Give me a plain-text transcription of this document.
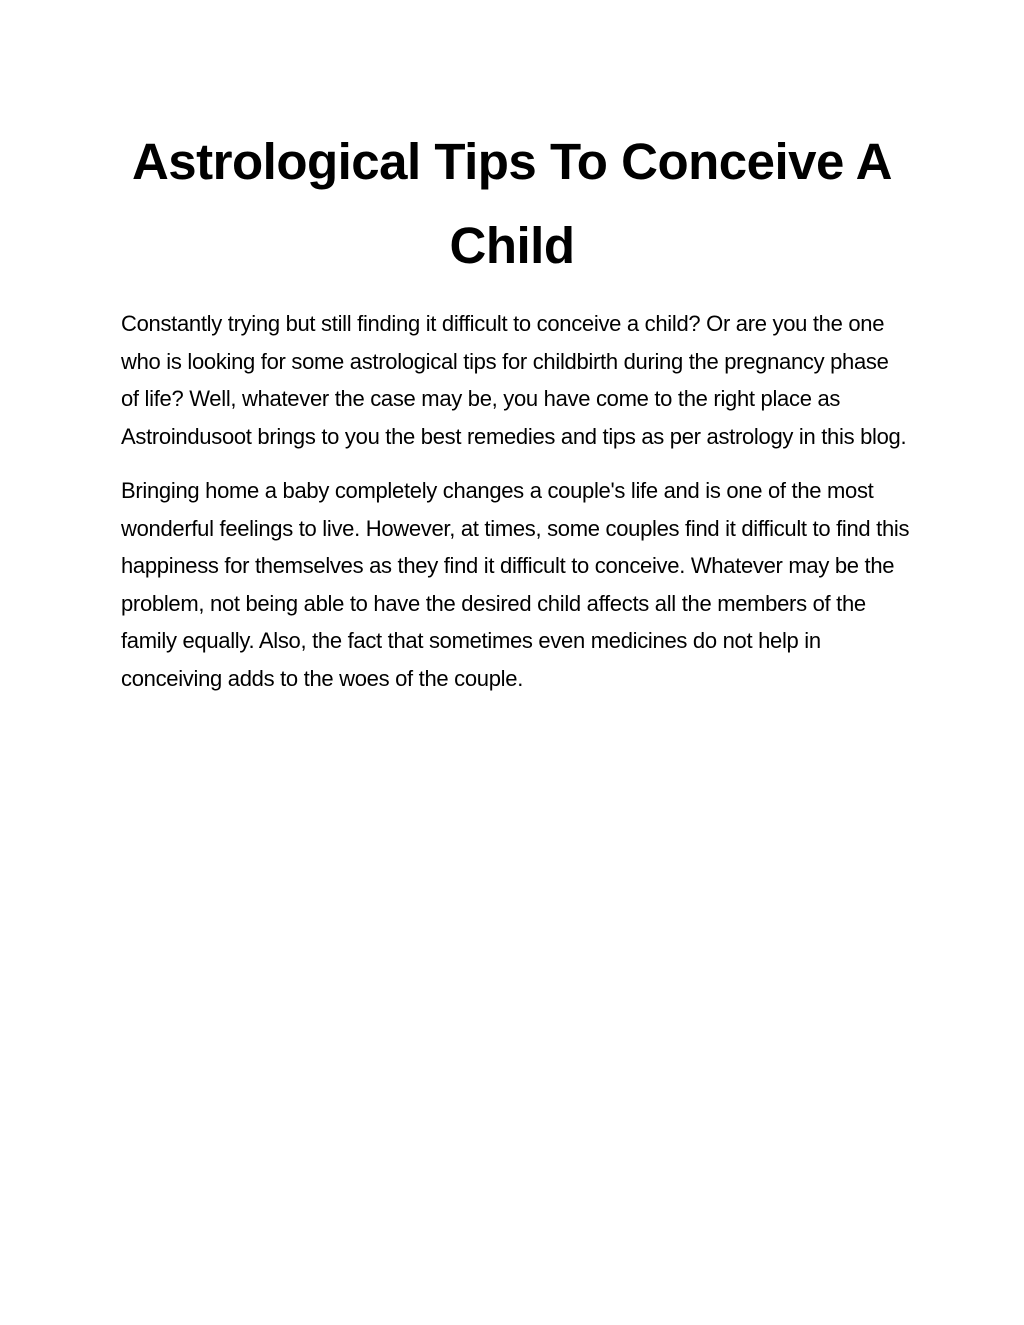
Astrological Tips To Conceive A Child

Constantly trying but still finding it difficult to conceive a child? Or are you the one who is looking for some astrological tips for childbirth during the pregnancy phase of life? Well, whatever the case may be, you have come to the right place as Astroindusoot brings to you the best remedies and tips as per astrology in this blog.

Bringing home a baby completely changes a couple's life and is one of the most wonderful feelings to live. However, at times, some couples find it difficult to find this happiness for themselves as they find it difficult to conceive. Whatever may be the problem, not being able to have the desired child affects all the members of the family equally. Also, the fact that sometimes even medicines do not help in conceiving adds to the woes of the couple.
